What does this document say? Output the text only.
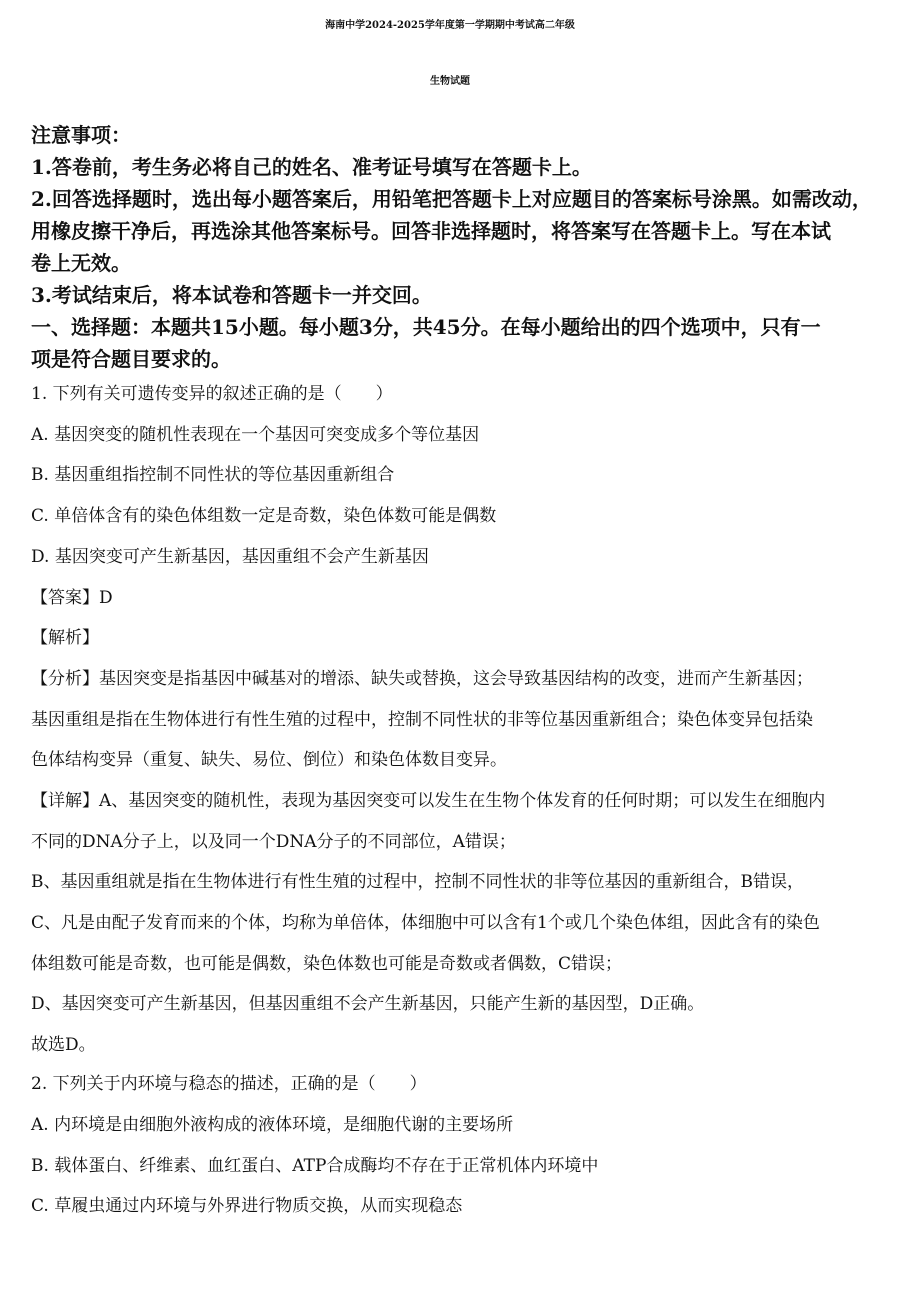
海南中学2024-2025学年度第一学期期中考试高二年级
生物试题
注意事项：
1.答卷前，考生务必将自己的姓名、准考证号填写在答题卡上。
2.回答选择题时，选出每小题答案后，用铅笔把答题卡上对应题目的答案标号涂黑。如需改动，
用橡皮擦干净后，再选涂其他答案标号。回答非选择题时，将答案写在答题卡上。写在本试
卷上无效。
3.考试结束后，将本试卷和答题卡一并交回。
一、选择题：本题共15小题。每小题3分，共45分。在每小题给出的四个选项中，只有一
项是符合题目要求的。
1. 下列有关可遗传变异的叙述正确的是（　　）
A. 基因突变的随机性表现在一个基因可突变成多个等位基因
B. 基因重组指控制不同性状的等位基因重新组合
C. 单倍体含有的染色体组数一定是奇数，染色体数可能是偶数
D. 基因突变可产生新基因，基因重组不会产生新基因
【答案】D
【解析】
【分析】基因突变是指基因中碱基对的增添、缺失或替换，这会导致基因结构的改变，进而产生新基因；
基因重组是指在生物体进行有性生殖的过程中，控制不同性状的非等位基因重新组合；染色体变异包括染
色体结构变异（重复、缺失、易位、倒位）和染色体数目变异。
【详解】A、基因突变的随机性，表现为基因突变可以发生在生物个体发育的任何时期；可以发生在细胞内
不同的DNA分子上，以及同一个DNA分子的不同部位，A错误；
B、基因重组就是指在生物体进行有性生殖的过程中，控制不同性状的非等位基因的重新组合，B错误，
C、凡是由配子发育而来的个体，均称为单倍体，体细胞中可以含有1个或几个染色体组，因此含有的染色
体组数可能是奇数，也可能是偶数，染色体数也可能是奇数或者偶数，C错误；
D、基因突变可产生新基因，但基因重组不会产生新基因，只能产生新的基因型，D正确。
故选D。
2. 下列关于内环境与稳态的描述，正确的是（　　）
A. 内环境是由细胞外液构成的液体环境，是细胞代谢的主要场所
B. 载体蛋白、纤维素、血红蛋白、ATP合成酶均不存在于正常机体内环境中
C. 草履虫通过内环境与外界进行物质交换，从而实现稳态
